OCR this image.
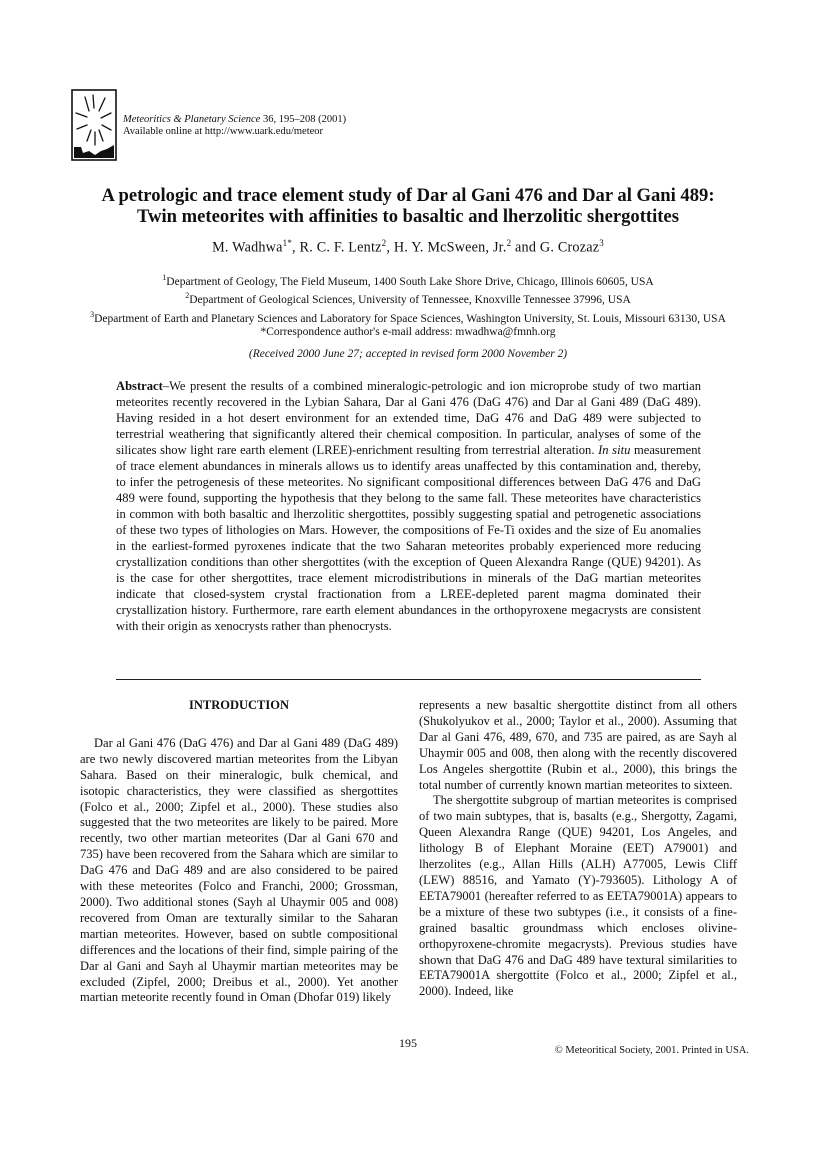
Meteoritics & Planetary Science 36, 195–208 (2001)
Available online at http://www.uark.edu/meteor
A petrologic and trace element study of Dar al Gani 476 and Dar al Gani 489:
Twin meteorites with affinities to basaltic and lherzolitic shergottites
M. Wadhwa$^{1*}$, R. C. F. Lentz$^2$, H. Y. McSween, Jr.$^2$ and G. Crozaz$^3$
$^1$Department of Geology, The Field Museum, 1400 South Lake Shore Drive, Chicago, Illinois 60605, USA
$^2$Department of Geological Sciences, University of Tennessee, Knoxville Tennessee 37996, USA
$^3$Department of Earth and Planetary Sciences and Laboratory for Space Sciences, Washington University, St. Louis, Missouri 63130, USA
*Correspondence author's e-mail address: mwadhwa@fmnh.org
(Received 2000 June 27; accepted in revised form 2000 November 2)
Abstract–We present the results of a combined mineralogic-petrologic and ion microprobe study of two martian meteorites recently recovered in the Lybian Sahara, Dar al Gani 476 (DaG 476) and Dar al Gani 489 (DaG 489). Having resided in a hot desert environment for an extended time, DaG 476 and DaG 489 were subjected to terrestrial weathering that significantly altered their chemical composition. In particular, analyses of some of the silicates show light rare earth element (LREE)-enrichment resulting from terrestrial alteration. In situ measurement of trace element abundances in minerals allows us to identify areas unaffected by this contamination and, thereby, to infer the petrogenesis of these meteorites. No significant compositional differences between DaG 476 and DaG 489 were found, supporting the hypothesis that they belong to the same fall. These meteorites have characteristics in common with both basaltic and lherzolitic shergottites, possibly suggesting spatial and petrogenetic associations of these two types of lithologies on Mars. However, the compositions of Fe-Ti oxides and the size of Eu anomalies in the earliest-formed pyroxenes indicate that the two Saharan meteorites probably experienced more reducing crystallization conditions than other shergottites (with the exception of Queen Alexandra Range (QUE) 94201). As is the case for other shergottites, trace element microdistributions in minerals of the DaG martian meteorites indicate that closed-system crystal fractionation from a LREE-depleted parent magma dominated their crystallization history. Furthermore, rare earth element abundances in the orthopyroxene megacrysts are consistent with their origin as xenocrysts rather than phenocrysts.

INTRODUCTION

Dar al Gani 476 (DaG 476) and Dar al Gani 489 (DaG 489) are two newly discovered martian meteorites from the Libyan Sahara. Based on their mineralogic, bulk chemical, and isotopic characteristics, they were classified as shergottites (Folco et al., 2000; Zipfel et al., 2000). These studies also suggested that the two meteorites are likely to be paired. More recently, two other martian meteorites (Dar al Gani 670 and 735) have been recovered from the Sahara which are similar to DaG 476 and DaG 489 and are also considered to be paired with these meteorites (Folco and Franchi, 2000; Grossman, 2000). Two additional stones (Sayh al Uhaymir 005 and 008) recovered from Oman are texturally similar to the Saharan martian meteorites. However, based on subtle compositional differences and the locations of their find, simple pairing of the Dar al Gani and Sayh al Uhaymir martian meteorites may be excluded (Zipfel, 2000; Dreibus et al., 2000). Yet another martian meteorite recently found in Oman (Dhofar 019) likely

represents a new basaltic shergottite distinct from all others (Shukolyukov et al., 2000; Taylor et al., 2000). Assuming that Dar al Gani 476, 489, 670, and 735 are paired, as are Sayh al Uhaymir 005 and 008, then along with the recently discovered Los Angeles shergottite (Rubin et al., 2000), this brings the total number of currently known martian meteorites to sixteen.

The shergottite subgroup of martian meteorites is comprised of two main subtypes, that is, basalts (e.g., Shergotty, Zagami, Queen Alexandra Range (QUE) 94201, Los Angeles, and lithology B of Elephant Moraine (EET) A79001) and lherzolites (e.g., Allan Hills (ALH) A77005, Lewis Cliff (LEW) 88516, and Yamato (Y)-793605). Lithology A of EETA79001 (hereafter referred to as EETA79001A) appears to be a mixture of these two subtypes (i.e., it consists of a fine-grained basaltic groundmass which encloses olivine-orthopyroxene-chromite megacrysts). Previous studies have shown that DaG 476 and DaG 489 have textural similarities to EETA79001A shergottite (Folco et al., 2000; Zipfel et al., 2000). Indeed, like

195
© Meteoritical Society, 2001. Printed in USA.
